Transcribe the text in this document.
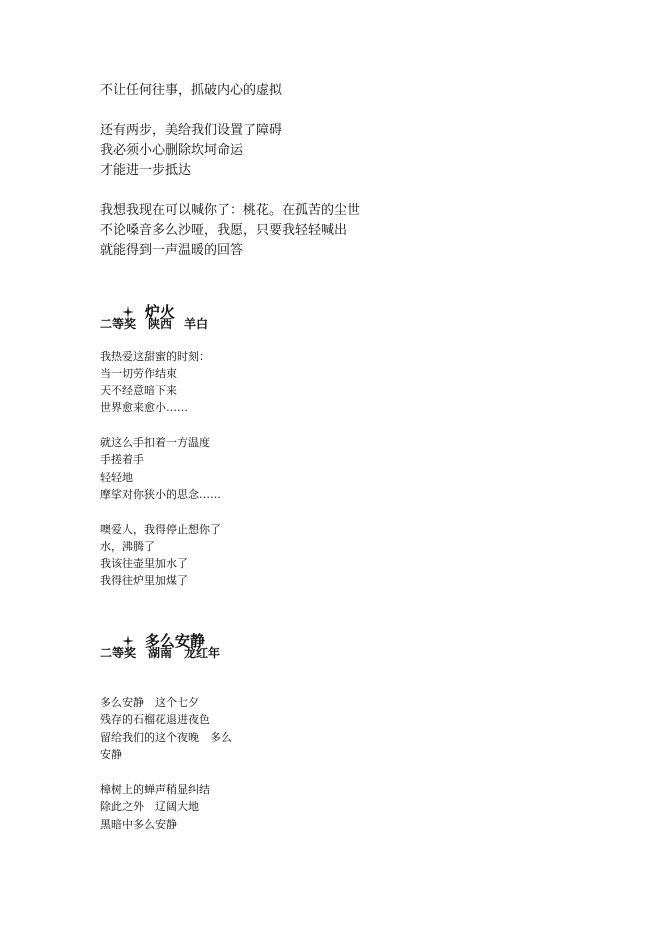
不让任何往事，抓破内心的虚拟
还有两步，美给我们设置了障碍
我必须小心删除坎坷命运
才能进一步抵达
我想我现在可以喊你了：桃花。在孤苦的尘世
不论嗓音多么沙哑，我愿，只要我轻轻喊出
就能得到一声温暖的回答

炉火

二等奖　陕西　羊白
我热爱这甜蜜的时刻：
当一切劳作结束
天不经意暗下来
世界愈来愈小……
就这么手扣着一方温度
手搓着手
轻轻地
摩挲对你狭小的思念……
噢爱人，我得停止想你了
水，沸腾了
我该往壶里加水了
我得往炉里加煤了

多么安静

二等奖　湖南　龙红年
多么安静　这个七夕
残存的石榴花退进夜色
留给我们的这个夜晚　多么
安静
樟树上的蝉声稍显纠结
除此之外　辽阔大地
黑暗中多么安静
